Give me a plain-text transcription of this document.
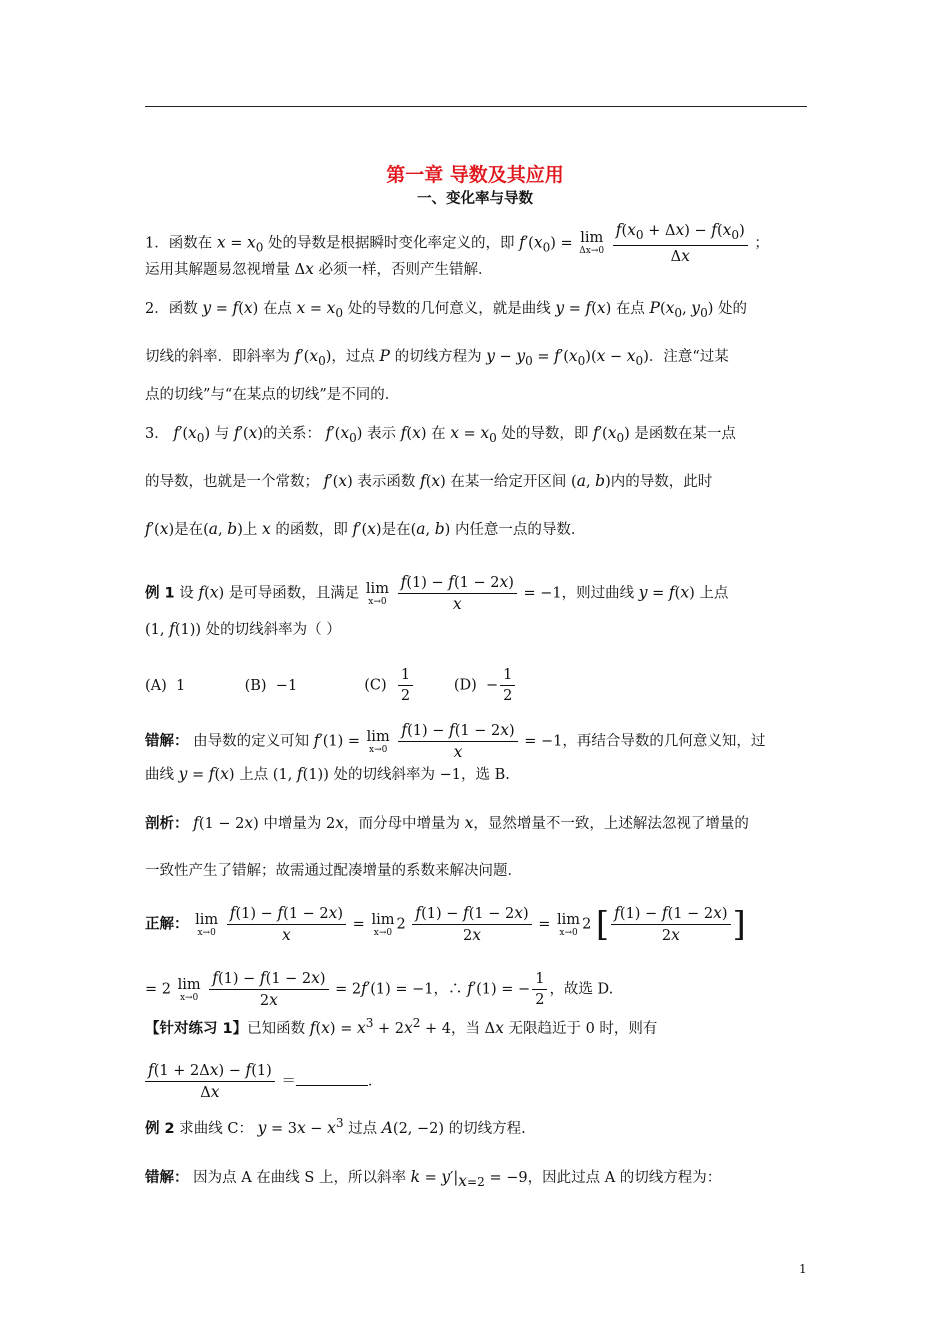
第一章 导数及其应用
一、变化率与导数
1．函数在 $x = x_0$ 处的导数是根据瞬时变化率定义的，即 $f'(x_0) = \lim$
Δx→0
$\frac{f(x_0 + \Delta x) - f(x_0)}{\Delta x}$ ；
运用其解题易忽视增量 Δx 必须一样，否则产生错解．
2．函数 y = f(x) 在点 $x = x_0$ 处的导数的几何意义，就是曲线 y = f(x) 在点 $P(x_0$, $y_0$) 处的
切线的斜率．即斜率为 $f'(x_0)$，过点 P 的切线方程为 $y - y_0 = f'(x_0)(x - x_0)$．注意“过某
点的切线”与“在某点的切线”是不同的．
3． $f'(x_0)$ 与 f′(x)的关系： $f'(x_0)$ 表示 f(x) 在 $x = x_0$ 处的导数，即 $f'(x_0)$ 是函数在某一点
的导数，也就是一个常数； f′(x) 表示函数 f(x) 在某一给定开区间 (a, b)内的导数，此时
f′(x)是在(a, b)上 x 的函数，即 f′(x)是在(a, b) 内任意一点的导数．
例 1 设 f(x) 是可导函数，且满足 lim
x→0
$\frac{f(1) - f(1 - 2x)}{x} = -1$，则过曲线 y = f(x) 上点
(1, f(1)) 处的切线斜率为（ ）
(A)  1	(B)  −1	$(C) \frac{1}{2}$	$(D) - \frac{1}{2}$
错解： 由导数的定义可知 f′(1) = lim
x→0
$\frac{f(1) - f(1 - 2x)}{x} = -1$，再结合导数的几何意义知，过
曲线 y = f(x) 上点 (1, f(1)) 处的切线斜率为 −1，选 B.
剖析： f(1 − 2x) 中增量为 2x，而分母中增量为 x，显然增量不一致，上述解法忽视了增量的
一致性产生了错解；故需通过配凑增量的系数来解决问题．
正解： lim
x→0
$\frac{f(1) - f(1 - 2x)}{x} = \lim$
x→0 $2 \frac{f(1) - f(1 - 2x)}{2x} = \lim$
x→0 2 [ $\frac{f(1) - f(1 - 2x)}{2x}$ ]
= 2 lim
x→0
$\frac{f(1) - f(1 - 2x)}{2x} = 2f'(1) = -1$，∴ f′(1) = − $\frac{1}{2}$ ，故选 D.
【针对练习 1】已知函数 $f(x) = x^3 + 2x^2 + 4$，当 Δx 无限趋近于 0 时，则有
$\frac{f(1 + 2\Delta x) - f(1)}{\Delta x}$ ＝	．
例 2 求曲线 C： $y = 3x - x^3$ 过点 A(2, −2) 的切线方程.
错解： 因为点 A 在曲线 S 上，所以斜率 $k = y'|_{x=2} = -9$，因此过点 A 的切线方程为：
1
